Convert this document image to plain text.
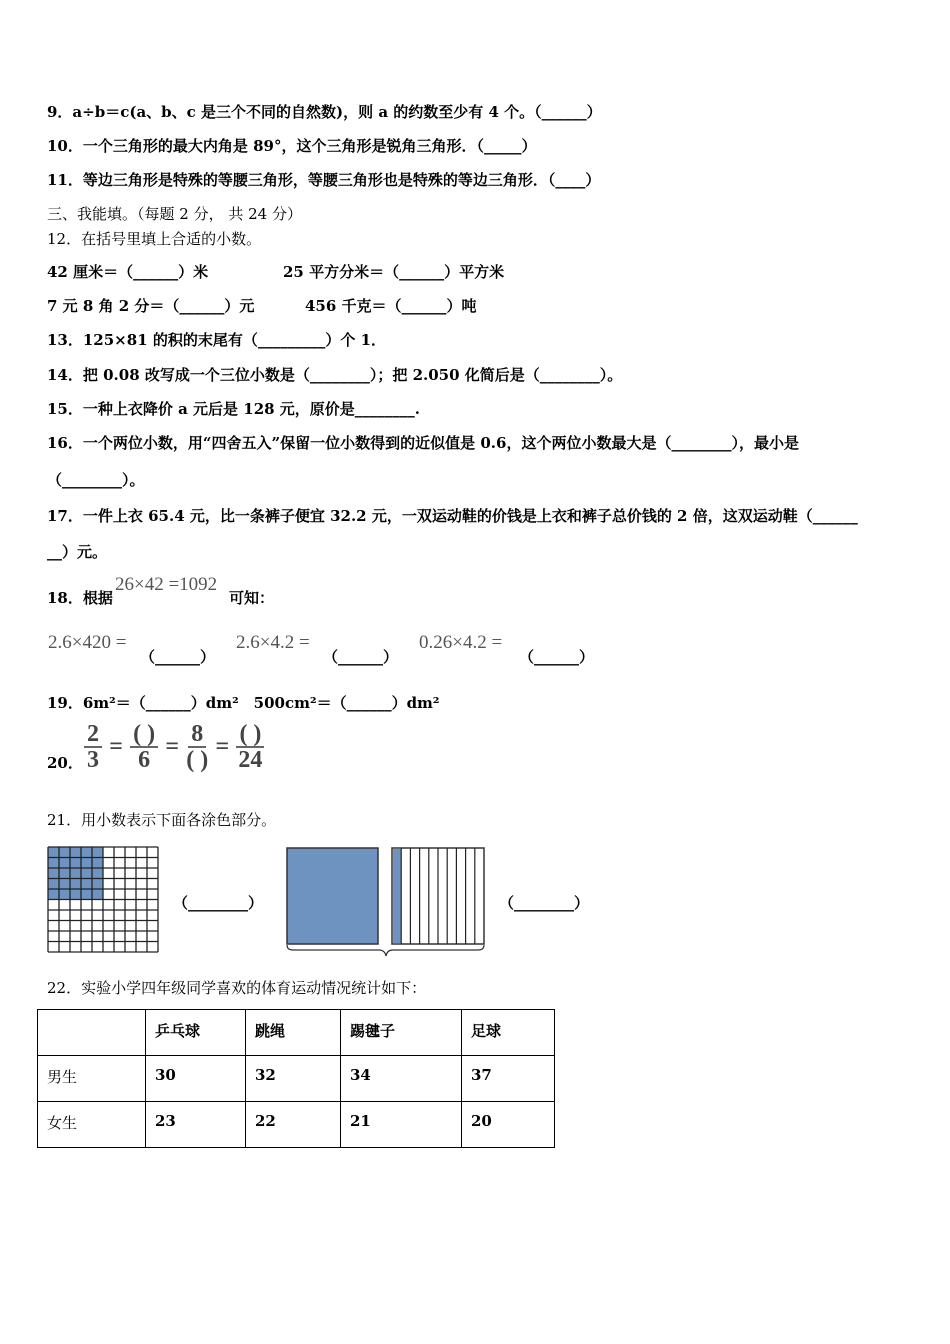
9．a÷b＝c(a、b、c 是三个不同的自然数)，则 a 的约数至少有 4 个。（______）
10．一个三角形的最大内角是 89°，这个三角形是锐角三角形．（_____）
11．等边三角形是特殊的等腰三角形，等腰三角形也是特殊的等边三角形．（____）
三、我能填。（每题 2 分， 共 24 分）
12．在括号里填上合适的小数。
42 厘米＝（______）米	25 平方分米＝（______）平方米
7 元 8 角 2 分＝（______）元	456 千克＝（______）吨
13．125×81 的积的末尾有（_________）个 1．
14．把 0.08 改写成一个三位小数是（________）；把 2.050 化简后是（________）。
15．一种上衣降价 a 元后是 128 元，原价是________.
16．一个两位小数，用“四舍五入”保留一位小数得到的近似值是 0.6，这个两位小数最大是（________），最小是
（________）。
17．一件上衣 65.4 元，比一条裤子便宜 32.2 元，一双运动鞋的价钱是上衣和裤子总价钱的 2 倍，这双运动鞋（______
__）元。
18．根据
26×42 =1092
可知：
2.6×420 =
（______）
2.6×4.2 =
（______）
0.26×4.2 =
（______）
19．6m²＝（______）dm²　500cm²＝（______）dm²
20． $\frac{2}{3} = \frac{( )}{6} = \frac{8}{( )} = \frac{( )}{24}$
21．用小数表示下面各涂色部分。
（________）	（________）
22．实验小学四年级同学喜欢的体育运动情况统计如下：
	乒乓球	跳绳	踢毽子	足球
男生	30	32	34	37
女生	23	22	21	20
